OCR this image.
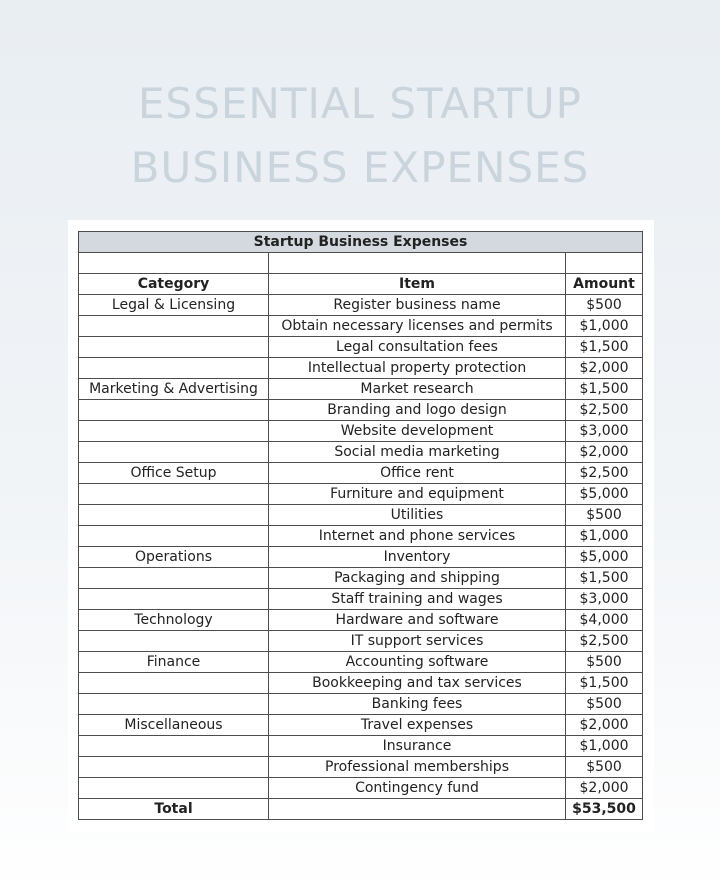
ESSENTIAL STARTUP
BUSINESS EXPENSES
Startup Business Expenses		

Category	Item	Amount
Legal & Licensing	Register business name	$500
	Obtain necessary licenses and permits	$1,000
	Legal consultation fees	$1,500
	Intellectual property protection	$2,000
Marketing & Advertising	Market research	$1,500
	Branding and logo design	$2,500
	Website development	$3,000
	Social media marketing	$2,000
Office Setup	Office rent	$2,500
	Furniture and equipment	$5,000
	Utilities	$500
	Internet and phone services	$1,000
Operations	Inventory	$5,000
	Packaging and shipping	$1,500
	Staff training and wages	$3,000
Technology	Hardware and software	$4,000
	IT support services	$2,500
Finance	Accounting software	$500
	Bookkeeping and tax services	$1,500
	Banking fees	$500
Miscellaneous	Travel expenses	$2,000
	Insurance	$1,000
	Professional memberships	$500
	Contingency fund	$2,000
Total		$53,500
